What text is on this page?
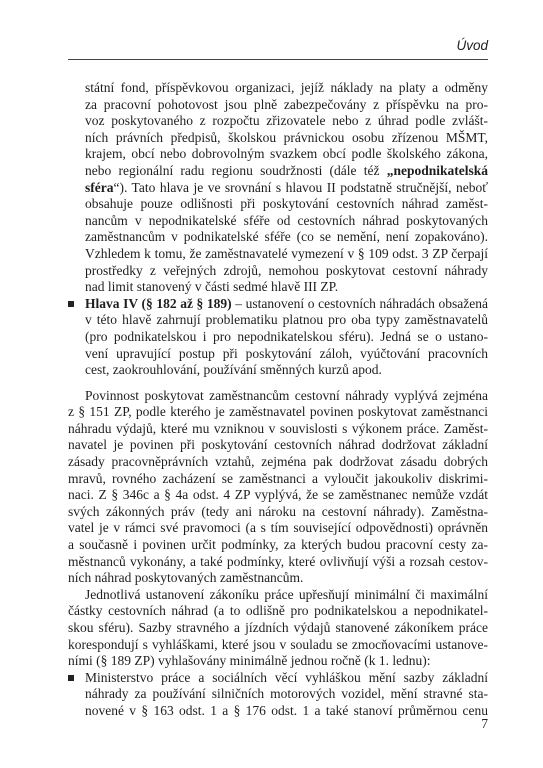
Úvod
státní fond, příspěvkovou organizaci, jejíž náklady na platy a odměny
za pracovní pohotovost jsou plně zabezpečovány z příspěvku na pro-
voz poskytovaného z rozpočtu zřizovatele nebo z úhrad podle zvlášt-
ních právních předpisů, školskou právnickou osobu zřízenou MŠMT,
krajem, obcí nebo dobrovolným svazkem obcí podle školského zákona,
nebo regionální radu regionu soudržnosti (dále též „nepodnikatelská
sféra“). Tato hlava je ve srovnání s hlavou II podstatně stručnější, neboť
obsahuje pouze odlišnosti při poskytování cestovních náhrad zaměst-
nancům v nepodnikatelské sféře od cestovních náhrad poskytovaných
zaměstnancům v podnikatelské sféře (co se nemění, není zopakováno).
Vzhledem k tomu, že zaměstnavatelé vymezení v § 109 odst. 3 ZP čerpají
prostředky z veřejných zdrojů, nemohou poskytovat cestovní náhrady
nad limit stanovený v části sedmé hlavě III ZP.
Hlava IV (§ 182 až § 189) – ustanovení o cestovních náhradách obsažená
v této hlavě zahrnují problematiku platnou pro oba typy zaměstnavatelů
(pro podnikatelskou i pro nepodnikatelskou sféru). Jedná se o ustano-
vení upravující postup při poskytování záloh, vyúčtování pracovních
cest, zaokrouhlování, používání směnných kurzů apod.
Povinnost poskytovat zaměstnancům cestovní náhrady vyplývá zejména
z § 151 ZP, podle kterého je zaměstnavatel povinen poskytovat zaměstnanci
náhradu výdajů, které mu vzniknou v souvislosti s výkonem práce. Zaměst-
navatel je povinen při poskytování cestovních náhrad dodržovat základní
zásady pracovněprávních vztahů, zejména pak dodržovat zásadu dobrých
mravů, rovného zacházení se zaměstnanci a vyloučit jakoukoliv diskrimi-
naci. Z § 346c a § 4a odst. 4 ZP vyplývá, že se zaměstnanec nemůže vzdát
svých zákonných práv (tedy ani nároku na cestovní náhrady). Zaměstna-
vatel je v rámci své pravomoci (a s tím související odpovědnosti) oprávněn
a současně i povinen určit podmínky, za kterých budou pracovní cesty za-
městnanců vykonány, a také podmínky, které ovlivňují výši a rozsah cestov-
ních náhrad poskytovaných zaměstnancům.
Jednotlivá ustanovení zákoníku práce upřesňují minimální či maximální
částky cestovních náhrad (a to odlišně pro podnikatelskou a nepodnikatel-
skou sféru). Sazby stravného a jízdních výdajů stanovené zákoníkem práce
korespondují s vyhláškami, které jsou v souladu se zmocňovacími ustanove-
ními (§ 189 ZP) vyhlašovány minimálně jednou ročně (k 1. lednu):
Ministerstvo práce a sociálních věcí vyhláškou mění sazby základní
náhrady za používání silničních motorových vozidel, mění stravné sta-
novené v § 163 odst. 1 a § 176 odst. 1 a také stanoví průměrnou cenu
7
